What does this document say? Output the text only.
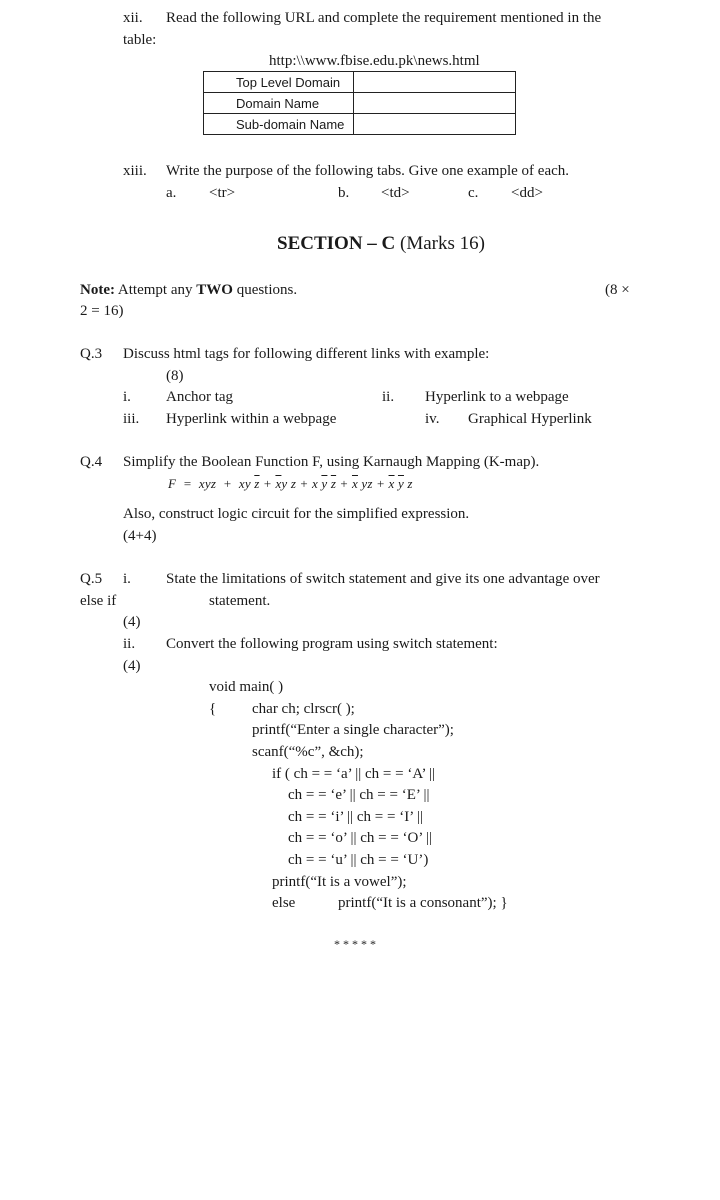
xii. Read the following URL and complete the requirement mentioned in the
table:
http:\\www.fbise.edu.pk\news.html
Top Level Domain	
Domain Name	
Sub-domain Name	
xiii. Write the purpose of the following tabs. Give one example of each.
a. <tr>	b. <td>	c. <dd>
SECTION – C (Marks 16)
Note: Attempt any TWO questions.	(8 ×
2 = 16)
Q.3 Discuss html tags for following different links with example:
(8)
i. Anchor tag	ii. Hyperlink to a webpage
iii. Hyperlink within a webpage	iv. Graphical Hyperlink
Q.4 Simplify the Boolean Function F, using Karnaugh Mapping (K-map).
F  =  xyz  +  xy $\overline{z} + \overline{x}y$ z + x $\overline{y}$ $\overline{z} + \overline{x}$ yz + $\overline{x}$ $\overline{y}$ z
Also, construct logic circuit for the simplified expression.
(4+4)
Q.5 i. State the limitations of switch statement and give its one advantage over
else if	statement.
(4)
ii. Convert the following program using switch statement:
(4)
void main( )
{ char ch; clrscr( );
printf(“Enter a single character”);
scanf(“%c”, &ch);
if ( ch = = ‘a’ || ch = = ‘A’ ||
ch = = ‘e’ || ch = = ‘E’ ||
ch = = ‘i’ || ch = = ‘I’ ||
ch = = ‘o’ || ch = = ‘O’ ||
ch = = ‘u’ || ch = = ‘U’)
printf(“It is a vowel”);
else	printf(“It is a consonant”); }
* * * * *
